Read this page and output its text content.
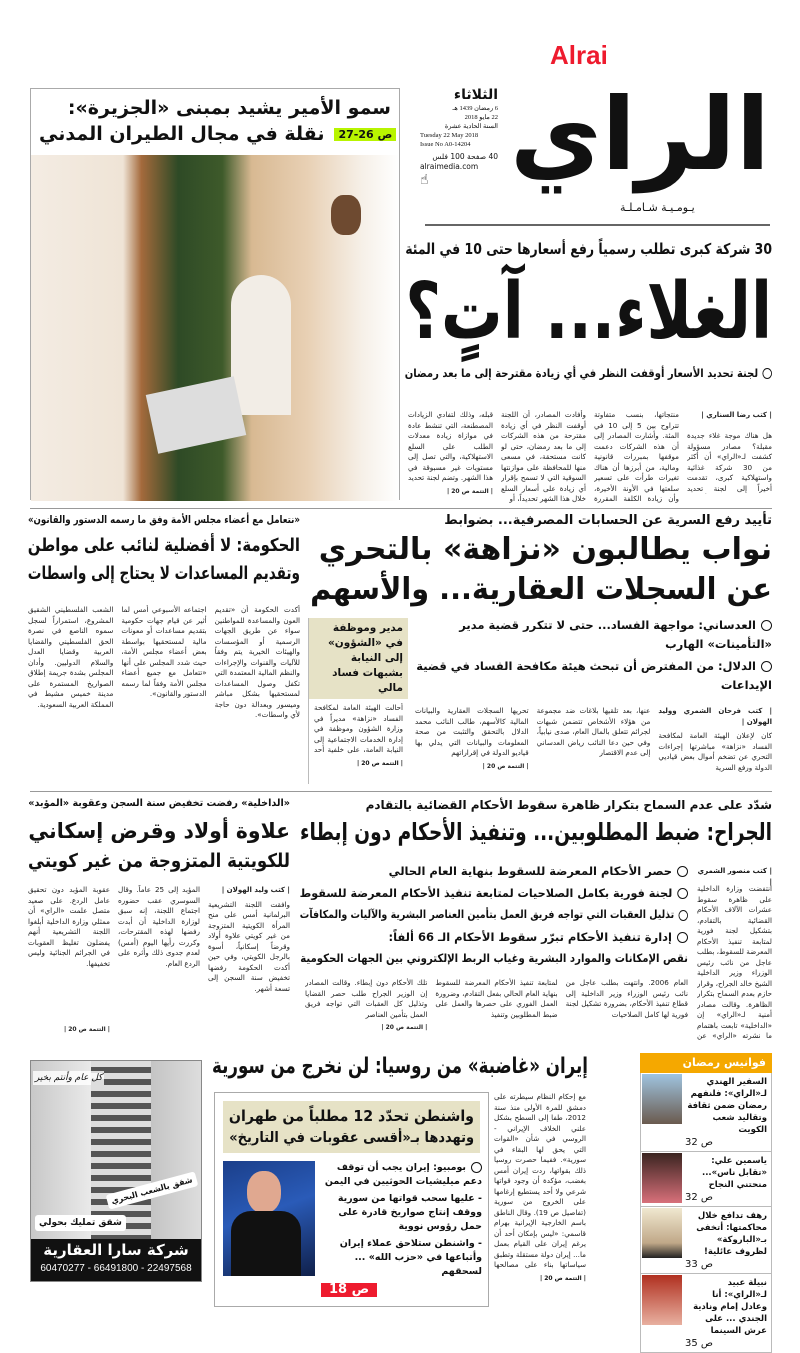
Alrai
الراي
يـومـيـة شـامـلـة
الثلاثاء
6 رمضان 1439 هـ
22 مايو 2018
السنة الحادية عشرة
Tuesday 22 May 2018
Issue No A0-14204
40 صفحة 100 فلس
alraimedia.com
☝
سمو الأمير يشيد بمبنى «الجزيرة»:
نقلة في مجال الطيران المدني	ص 26-27
30 شركة كبرى تطلب رسمياً رفع أسعارها حتى 10 في المئة
الغلاء... آتٍ؟
لجنة تحديد الأسعار أوقفت النظر في أي زيادة مقترحة إلى ما بعد رمضان
| كتب رضا السناري |
هل هناك موجة غلاء جديدة مقبلة؟ مصادر مسؤولة كشفت لـ«الراي» أن أكثر من 30 شركة غذائية واستهلاكية كبرى، تقدمت أخيراً إلى لجنة تحديد
منتجاتها، بنسب متفاوتة تتراوح بين 5 إلى 10 في المئة. وأشارت المصادر إلى أن هذه الشركات دعمت موقفها بمبررات قانونية ومالية، من أبرزها أن هناك تغيرات طرأت على تسعير سلعتها في الأونة الأخيرة، وأن زيادة الكلفة المقررة
وأفادت المصادر، أن اللجنة أوقفت النظر في أي زيادة مقترحة من هذه الشركات إلى ما بعد رمضان، حتى لو كانت مستحقة، في مسعى منها للمحافظة على موازنتها السوقية التي لا تسمح بإقرار أي زيادة على أسعار السلع خلال هذا الشهر تحديداً، أو
قبله، وذلك لتفادي الزيادات المصطنعة، التي تنشط عادة في موازاة زيادة معدلات الطلب على السلع الاستهلاكية، والتي تصل إلى مستويات غير مسبوقة في هذا الشهر. وتضم لجنة تحديد
| التتمة ص 20 |
تأييد رفع السرية عن الحسابات المصرفية... بضوابط
نواب يطالبون «نزاهة» بالتحري
عن السجلات العقارية... والأسهم
العدساني: مواجهة الفساد... حتى لا تتكرر قضية مدير «التأمينات» الهارب
الدلال: من المفترض أن تبحث هيئة مكافحة الفساد في قضية الإيداعات
| كتب فرحان الشمري ووليد الهولان |
كان لإعلان الهيئة العامة لمكافحة الفساد «نزاهة» مباشرتها إجراءات التحري عن تضخم أموال بعض قياديي الدولة ورفع السرية
عنها، بعد تلقيها بلاغات ضد مجموعة من هؤلاء الأشخاص تتضمن شبهات لجرائم تتعلق بالمال العام، صدى نيابياً، وفي حين دعا النائب رياض العدساني إلى عدم الاقتصار
تحريها السجلات العقارية والبيانات المالية كالأسهم، طالب النائب محمد الدلال بالتحقق والتثبت من صحة المعلومات والبيانات التي يدلي بها قياديو الدولة في إقراراتهم
| التتمة ص 20 |
مدير وموظفة في «الشؤون» إلى النيابة بشبهات فساد مالي
أحالت الهيئة العامة لمكافحة الفساد «نزاهة» مديراً في وزارة الشؤون وموظفة في إدارة الخدمات الاجتماعية إلى النيابة العامة، على خلفية أحد
| التتمة ص 20 |
«نتعامل مع أعضاء مجلس الأمة وفق ما رسمه الدستور والقانون»
الحكومة: لا أفضلية لنائب على مواطن
وتقديم المساعدات لا يحتاج إلى واسطات
أكدت الحكومة أن «تقديم العون والمساعدة للمواطنين سواء عن طريق الجهات الرسمية أو المؤسسات والهيئات الخيرية يتم وفقاً للآليات والقنوات والإجراءات والنظم المالية المعتمدة التي تكفل وصول المساعدات لمستحقيها بشكل مباشر وميسور وبعدالة دون حاجة لأي واسطات».
اجتماعه الأسبوعي أمس لما أثير عن قيام جهات حكومية بتقديم مساعدات أو معونات مالية لمستحقيها بواسطة بعض أعضاء مجلس الأمة، حيث شدد المجلس على أنها «تتعامل مع جميع أعضاء مجلس الأمة وفقاً لما رسمه الدستور والقانون».
الشعب الفلسطيني الشقيق المشروع، استمراراً لسجل سموه الناصع في نصرة الحق الفلسطيني والقضايا العربية وقضايا العدل والسلام الدوليين. وأدان المجلس بشدة جريمة إطلاق الصواريخ المستمرة على مدينة خميس مشيط في المملكة العربية السعودية.
شدّد على عدم السماح بتكرار ظاهرة سقوط الأحكام القضائية بالتقادم
الجراح: ضبط المطلوبين... وتنفيذ الأحكام دون إبطاء
| كتب منصور الشمري |
انتفضت وزارة الداخلية على ظاهرة سقوط عشرات الآلاف الأحكام القضائية بالتقادم، بتشكيل لجنة فورية لمتابعة تنفيذ الأحكام المعرضة للسقوط، بطلب عاجل من نائب رئيس الوزراء وزير الداخلية الشيخ خالد الجراح، وقرار حازم بعدم السماح بتكرار الظاهرة. وقالت مصادر أمنية لـ«الراي» إن «الداخلية» تابعت باهتمام ما نشرته «الراي» عن
حصر الأحكام المعرضة للسقوط بنهاية العام الحالي
لجنة فورية بكامل الصلاحيات لمتابعة تنفيذ الأحكام المعرضة للسقوط
تذليل العقبات التي تواجه فريق العمل بتأمين العناصر البشرية والآليات والمكافآت
إدارة تنفيذ الأحكام تبرّر سقوط الأحكام الـ 66 ألفاً:
نقص الإمكانات والموارد البشرية وغياب الربط الإلكتروني بين الجهات الحكومية
العام 2006. وانتهت بطلب عاجل من نائب رئيس الوزراء وزير الداخلية إلى قطاع تنفيذ الأحكام، بضرورة تشكيل لجنة فورية لها كامل الصلاحيات
لمتابعة تنفيذ الأحكام المعرضة للسقوط بنهاية العام الحالي بفعل التقادم، وضرورة العمل الفوري على حصرها والعمل على ضبط المطلوبين وتنفيذ
تلك الأحكام دون إبطاء. وقالت المصادر إن الوزير الجراح طلب حصر القضايا وتذليل كل العقبات التي تواجه فريق العمل بتأمين العناصر
| التتمة ص 20 |
«الداخلية» رفضت تخفيض سنة السجن وعقوبة «المؤبد»
علاوة أولاد وقرض إسكاني
للكويتية المتزوجة من غير كويتي
| كتب وليد الهولان |
وافقت اللجنة التشريعية البرلمانية أمس على منح المرأة الكويتية المتزوجة من غير كويتي علاوة أولاد وقرضاً إسكانياً، أسوة بالرجل الكويتي، وفي حين أكدت الحكومة رفضها تخفيض سنة السجن إلى تسعة أشهر.
المؤبد إلى 25 عاماً. وقال السوسري عقب حضوره اجتماع اللجنة، إنه سبق لوزارة الداخلية أن أبدت رفضها لهذه المقترحات، وكررت رأيها اليوم (أمس) لعدم جدوى ذلك وأثره على الردع العام.
عقوبة المؤبد دون تحقيق عامل الردع. على صعيد متصل علمت «الراي» أن ممثلي وزارة الداخلية أبلغوا اللجنة التشريعية أنهم يفضلون تغليظ العقوبات في الجرائم الجنائية وليس تخفيفها.
| التتمة ص 20 |
إيران «غاضبة» من روسيا: لن نخرج من سورية
مع إحكام النظام سيطرته على دمشق للمرة الأولى منذ سنة 2012، طفا إلى السطح بشكل علني الخلاف الإيراني - الروسي في شأن «القوات التي يحق لها البقاء في سورية». ففيما حصرت روسيا ذلك بقواتها، ردت إيران أمس بغضب، مؤكدة أن وجود قواتها شرعي ولا أحد يستطيع إرغامها على الخروج من سورية (تفاصيل ص 19). وقال الناطق باسم الخارجية الإيرانية بهرام قاسمي: «ليس بإمكان أحد أن يرغم إيران على القيام بعمل ما... إيران دولة مستقلة وتطبق سياساتها بناء على مصالحها
| التتمة ص 20 |
واشنطن تحدّد 12 مطلباً من طهران
وتهددها بـ«أقسى عقوبات في التاريخ»
بومبيو: إيران يجب أن توقف دعم ميليشيات الحوثيين في اليمن
- عليها سحب قواتها من سورية ووقف إنتاج صواريخ قادرة على حمل رؤوس نووية
- واشنطن ستلاحق عملاء إيران وأتباعها في «حزب الله» ... لسحقهم
ص 18
فوانيس رمضان
السفير الهندي لـ«الراي»: فلنفهم رمضان ضمن ثقافة وتقاليد شعب الكويت
ص 32
ياسمين علي: «تقابل ناس»... منحتني النجاح
ص 32
رهف تدافع خلال محاكمتها: أتخفى بـ«الباروكة» لظروف عائلية!
ص 33
نبيلة عبيد لـ«الراي»: أنا وعادل إمام ونادية الجندي ... على عرش السينما
ص 35
كل عام وأنتم بخير
شقق تمليك بحولي
شقق بالشعب البحري
شركة سارا العقارية
60470277 - 66491800 - 22497568
